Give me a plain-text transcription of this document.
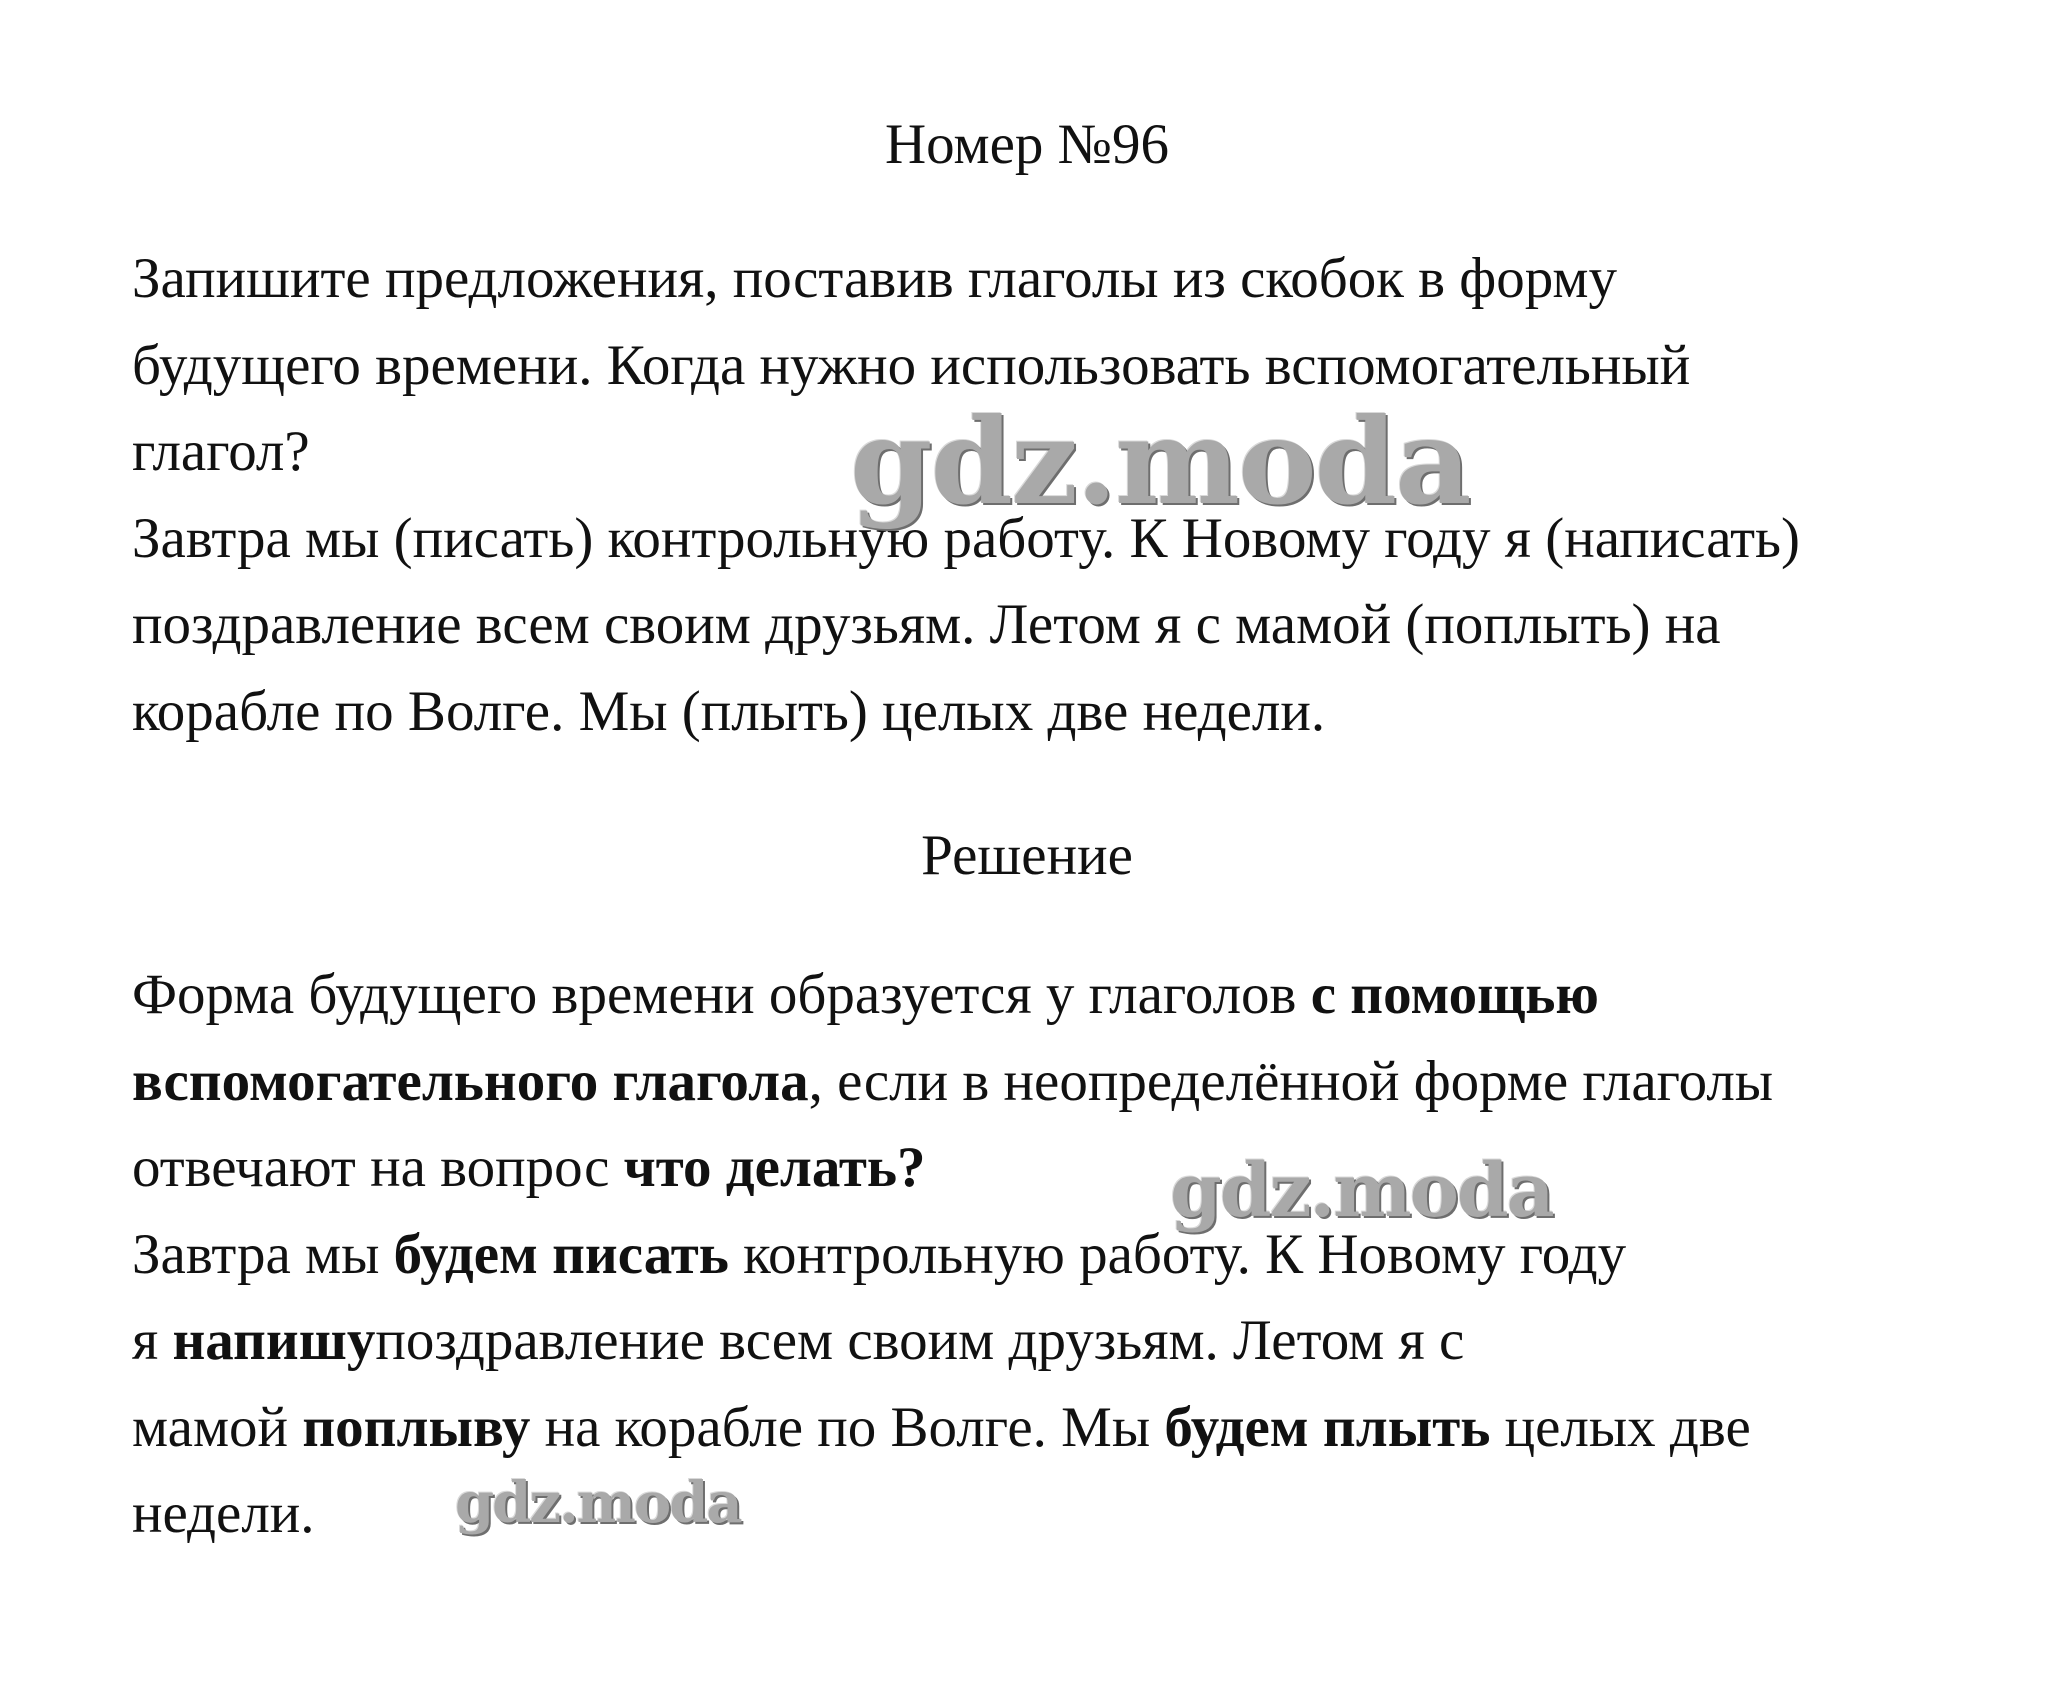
Номер №96
Запишите предложения, поставив глаголы из скобок в форму
будущего времени. Когда нужно использовать вспомогательный
глагол?
Завтра мы (писать) контрольную работу. К Новому году я (написать)
поздравление всем своим друзьям. Летом я с мамой (поплыть) на
корабле по Волге. Мы (плыть) целых две недели.
Решение
Форма будущего времени образуется у глаголов с помощью
вспомогательного глагола, если в неопределённой форме глаголы
отвечают на вопрос что делать?
Завтра мы будем писать контрольную работу. К Новому году
я напишупоздравление всем своим друзьям. Летом я с
мамой поплыву на корабле по Волге. Мы будем плыть целых две
недели.
gdz.moda
gdz.moda
gdz.moda
